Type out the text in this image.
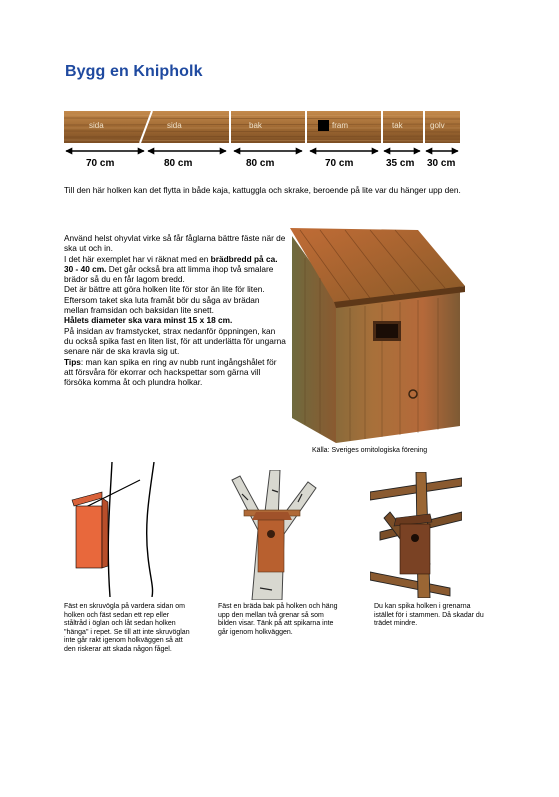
Bygg en Knipholk
sida	sida	bak	fram	tak	golv
70 cm	80 cm	80 cm	70 cm	35 cm 30 cm
Till den här holken kan det flytta in både kaja, kattuggla och skrake, beroende på lite var du hänger upp den.

Använd helst ohyvlat virke så får fåglarna bättre fäste när de ska ut och in.

I det här exemplet har vi räknat med en brädbredd på ca. 30 - 40 cm. Det går också bra att limma ihop två smalare brädor så du en får lagom bredd.

Det är bättre att göra holken lite för stor än lite för liten.

Eftersom taket ska luta framåt bör du såga av brädan mellan framsidan och baksidan lite snett.

Hålets diameter ska vara minst 15 x 18 cm.

På insidan av framstycket, strax nedanför öppningen, kan du också spika fast en liten list, för att underlätta för ungarna senare när de ska kravla sig ut.

Tips: man kan spika en ring av nubb runt ingångshålet för att försvåra för ekorrar och hackspettar som gärna vill försöka komma åt och plundra holkar.

Källa: Sveriges ornitologiska förening
Fäst en skruvögla på vardera sidan om holken och fäst sedan ett rep eller ståltråd i öglan och låt sedan holken "hänga" i repet. Se till att inte skruvöglan inte går rakt igenom holkväggen så att den riskerar att skada någon fågel.
Fäst en bräda bak på holken och häng upp den mellan två grenar så som bilden visar. Tänk på att spikarna inte går igenom holkväggen.
Du kan spika holken i grenarna istället för i stammen. Då skadar du trädet mindre.
